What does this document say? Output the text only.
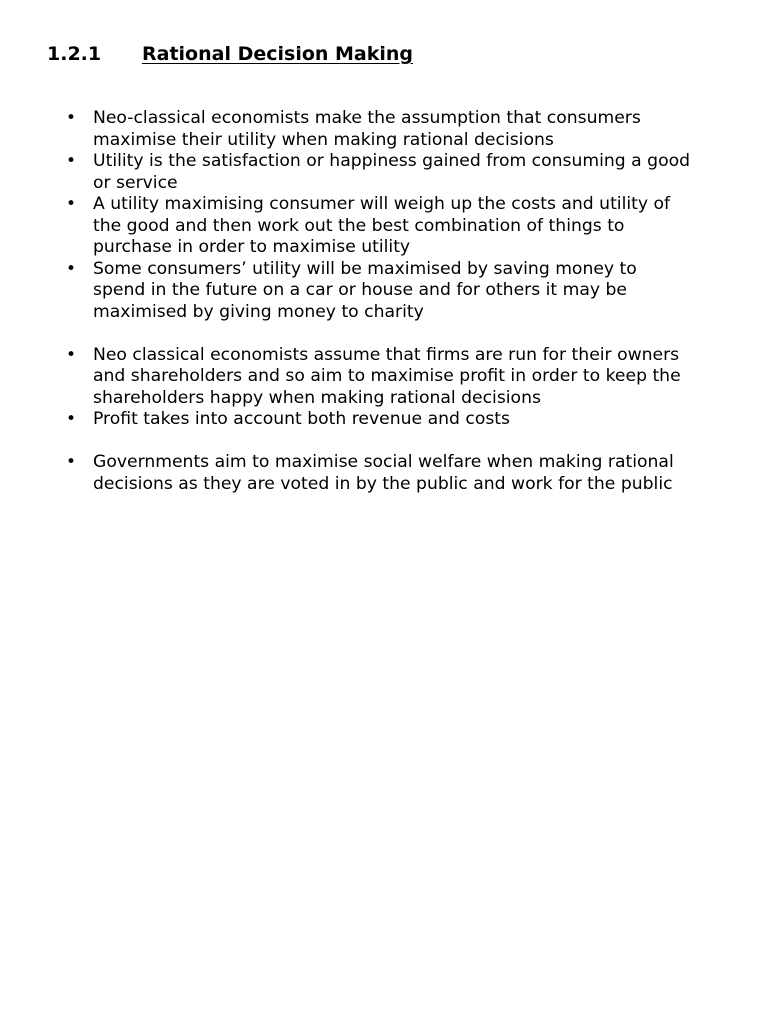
1.2.1 Rational Decision Making
• Neo-classical economists make the assumption that consumers
maximise their utility when making rational decisions
• Utility is the satisfaction or happiness gained from consuming a good
or service
• A utility maximising consumer will weigh up the costs and utility of
the good and then work out the best combination of things to
purchase in order to maximise utility
• Some consumers’ utility will be maximised by saving money to
spend in the future on a car or house and for others it may be
maximised by giving money to charity
• Neo classical economists assume that firms are run for their owners
and shareholders and so aim to maximise profit in order to keep the
shareholders happy when making rational decisions
• Profit takes into account both revenue and costs
• Governments aim to maximise social welfare when making rational
decisions as they are voted in by the public and work for the public
